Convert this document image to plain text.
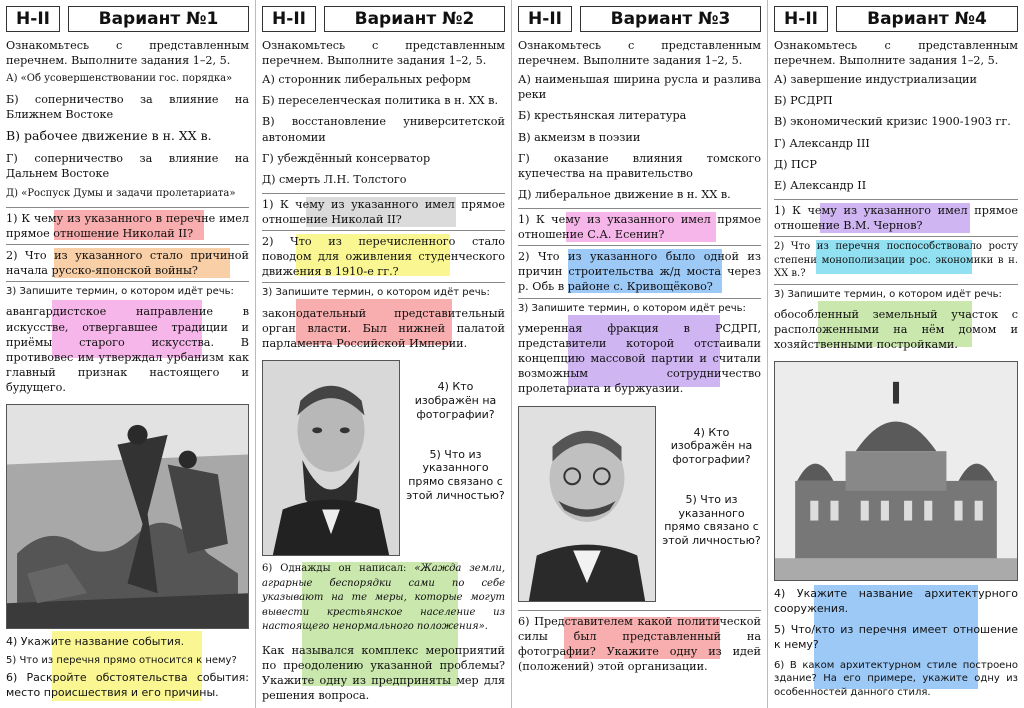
Н-II	Вариант №1

Ознакомьтесь с представленным перечнем. Выполните задания 1–2, 5.

А) «Об усовершенствовании гос. порядка»

Б) соперничество за влияние на Ближнем Востоке

В) рабочее движение в н. XX в.

Г) соперничество за влияние на Дальнем Востоке

Д) «Роспуск Думы и задачи пролетариата»

1) К чему из указанного в перечне имел прямое отношение Николай II?

2) Что из указанного стало причиной начала русско-японской войны?

3) Запишите термин, о котором идёт речь:

авангардистское направление в искусстве, отвергавшее традиции и приёмы старого искусства. В противовес им утверждал урбанизм как главный признак настоящего и будущего.

4) Укажите название события.

5) Что из перечня прямо относится к нему?

6) Раскройте обстоятельства события: место происшествия и его причины.

Н-II	Вариант №2

Ознакомьтесь с представленным перечнем. Выполните задания 1–2, 5.

А) сторонник либеральных реформ

Б) переселенческая политика в н. XX в.

В) восстановление университетской автономии

Г) убеждённый консерватор

Д) смерть Л.Н. Толстого

1) К чему из указанного имел прямое отношение Николай II?

2) Что из перечисленного стало поводом для оживления студенческого движения в 1910-е гг.?

3) Запишите термин, о котором идёт речь:

законодательный представительный орган власти. Был нижней палатой парламента Российской Империи.

4) Кто изображён на фотографии?

5) Что из указанного прямо связано с этой личностью?

6) Однажды он написал: «Жажда земли, аграрные беспорядки сами по себе указывают на те меры, которые могут вывести крестьянское население из настоящего ненормального положения».

Как назывался комплекс мероприятий по преодолению указанной проблемы? Укажите одну из предприняты мер для решения вопроса.

Н-II	Вариант №3

Ознакомьтесь с представленным перечнем. Выполните задания 1–2, 5.

А) наименьшая ширина русла и разлива реки

Б) крестьянская литература

В) акмеизм в поэзии

Г) оказание влияния томского купечества на правительство

Д) либеральное движение в н. XX в.

1) К чему из указанного имел прямое отношение С.А. Есенин?

2) Что из указанного было одной из причин строительства ж/д моста через р. Обь в районе с. Кривощёково?

3) Запишите термин, о котором идёт речь:

умеренная фракция в РСДРП, представители которой отстаивали концепцию массовой партии и считали возможным сотрудничество пролетариата и буржуазии.

4) Кто изображён на фотографии?

5) Что из указанного прямо связано с этой личностью?

6) Представителем какой политической силы был представленный на фотографии? Укажите одну из идей (положений) этой организации.

Н-II	Вариант №4

Ознакомьтесь с представленным перечнем. Выполните задания 1–2, 5.

А) завершение индустриализации

Б) РСДРП

В) экономический кризис 1900-1903 гг.

Г) Александр III

Д) ПСР

Е) Александр II

1) К чему из указанного имел прямое отношение В.М. Чернов?

2) Что из перечня поспособствовало росту степени монополизации рос. экономики в н. XX в.?

3) Запишите термин, о котором идёт речь:

обособленный земельный участок с расположенными на нём домом и хозяйственными постройками.

4) Укажите название архитектурного сооружения.

5) Что/кто из перечня имеет отношение к нему?

6) В каком архитектурном стиле построено здание? На его примере, укажите одну из особенностей данного стиля.
